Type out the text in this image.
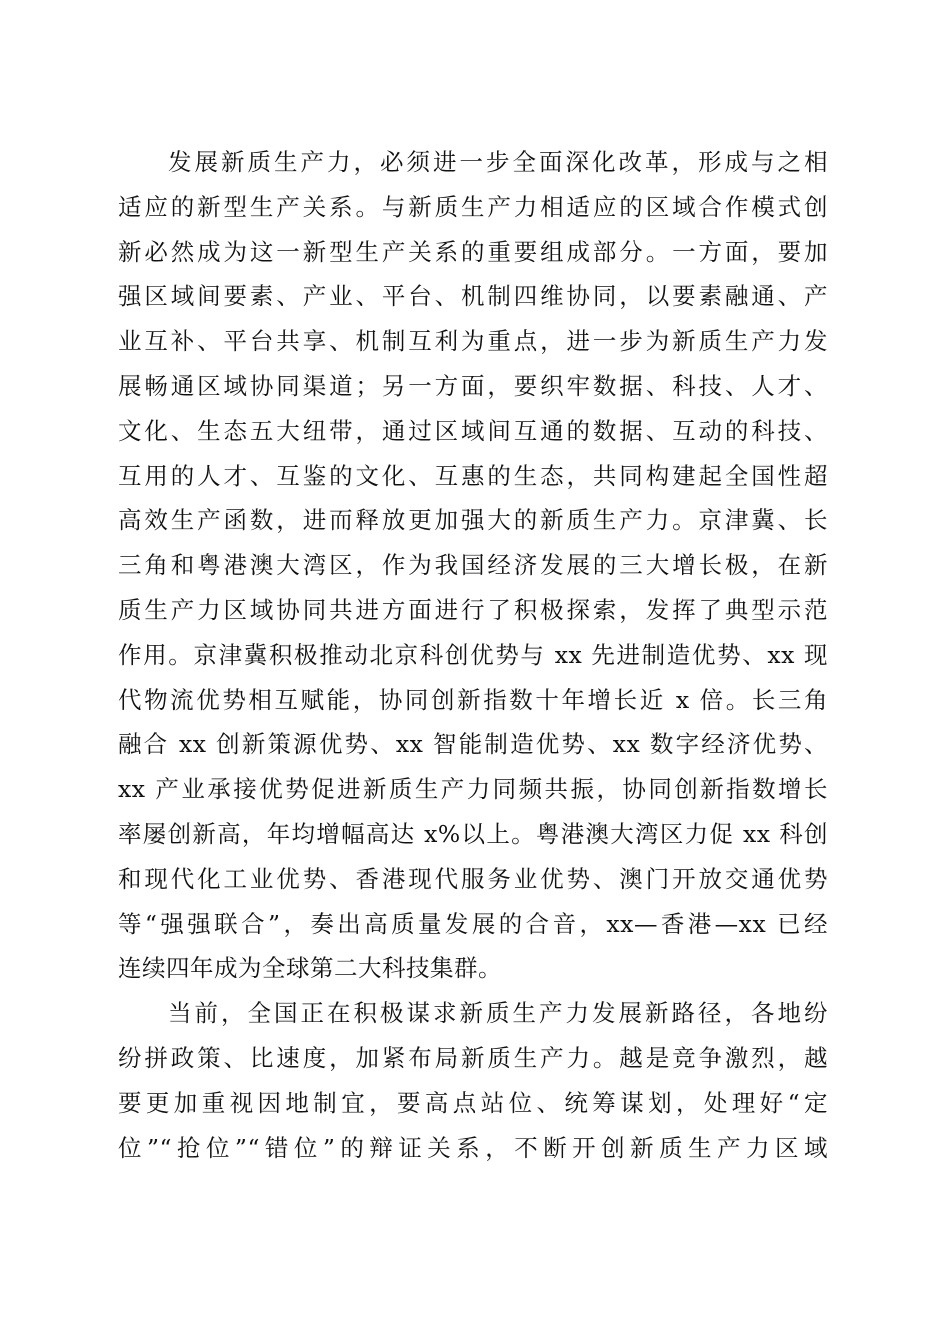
发展新质生产力，必须进一步全面深化改革，形成与之相
适应的新型生产关系。与新质生产力相适应的区域合作模式创
新必然成为这一新型生产关系的重要组成部分。一方面，要加
强区域间要素、产业、平台、机制四维协同，以要素融通、产
业互补、平台共享、机制互利为重点，进一步为新质生产力发
展畅通区域协同渠道；另一方面，要织牢数据、科技、人才、
文化、生态五大纽带，通过区域间互通的数据、互动的科技、
互用的人才、互鉴的文化、互惠的生态，共同构建起全国性超
高效生产函数，进而释放更加强大的新质生产力。京津冀、长
三角和粤港澳大湾区，作为我国经济发展的三大增长极，在新
质生产力区域协同共进方面进行了积极探索，发挥了典型示范
作用。京津冀积极推动北京科创优势与 xx 先进制造优势、xx 现
代物流优势相互赋能，协同创新指数十年增长近 x 倍。长三角
融合 xx 创新策源优势、xx 智能制造优势、xx 数字经济优势、
xx 产业承接优势促进新质生产力同频共振，协同创新指数增长
率屡创新高，年均增幅高达 x%以上。粤港澳大湾区力促 xx 科创
和现代化工业优势、香港现代服务业优势、澳门开放交通优势
等“强强联合”，奏出高质量发展的合音，xx—香港—xx 已经
连续四年成为全球第二大科技集群。
当前，全国正在积极谋求新质生产力发展新路径，各地纷
纷拼政策、比速度，加紧布局新质生产力。越是竞争激烈，越
要更加重视因地制宜，要高点站位、统筹谋划，处理好“定
位”“抢位”“错位”的辩证关系，不断开创新质生产力区域
